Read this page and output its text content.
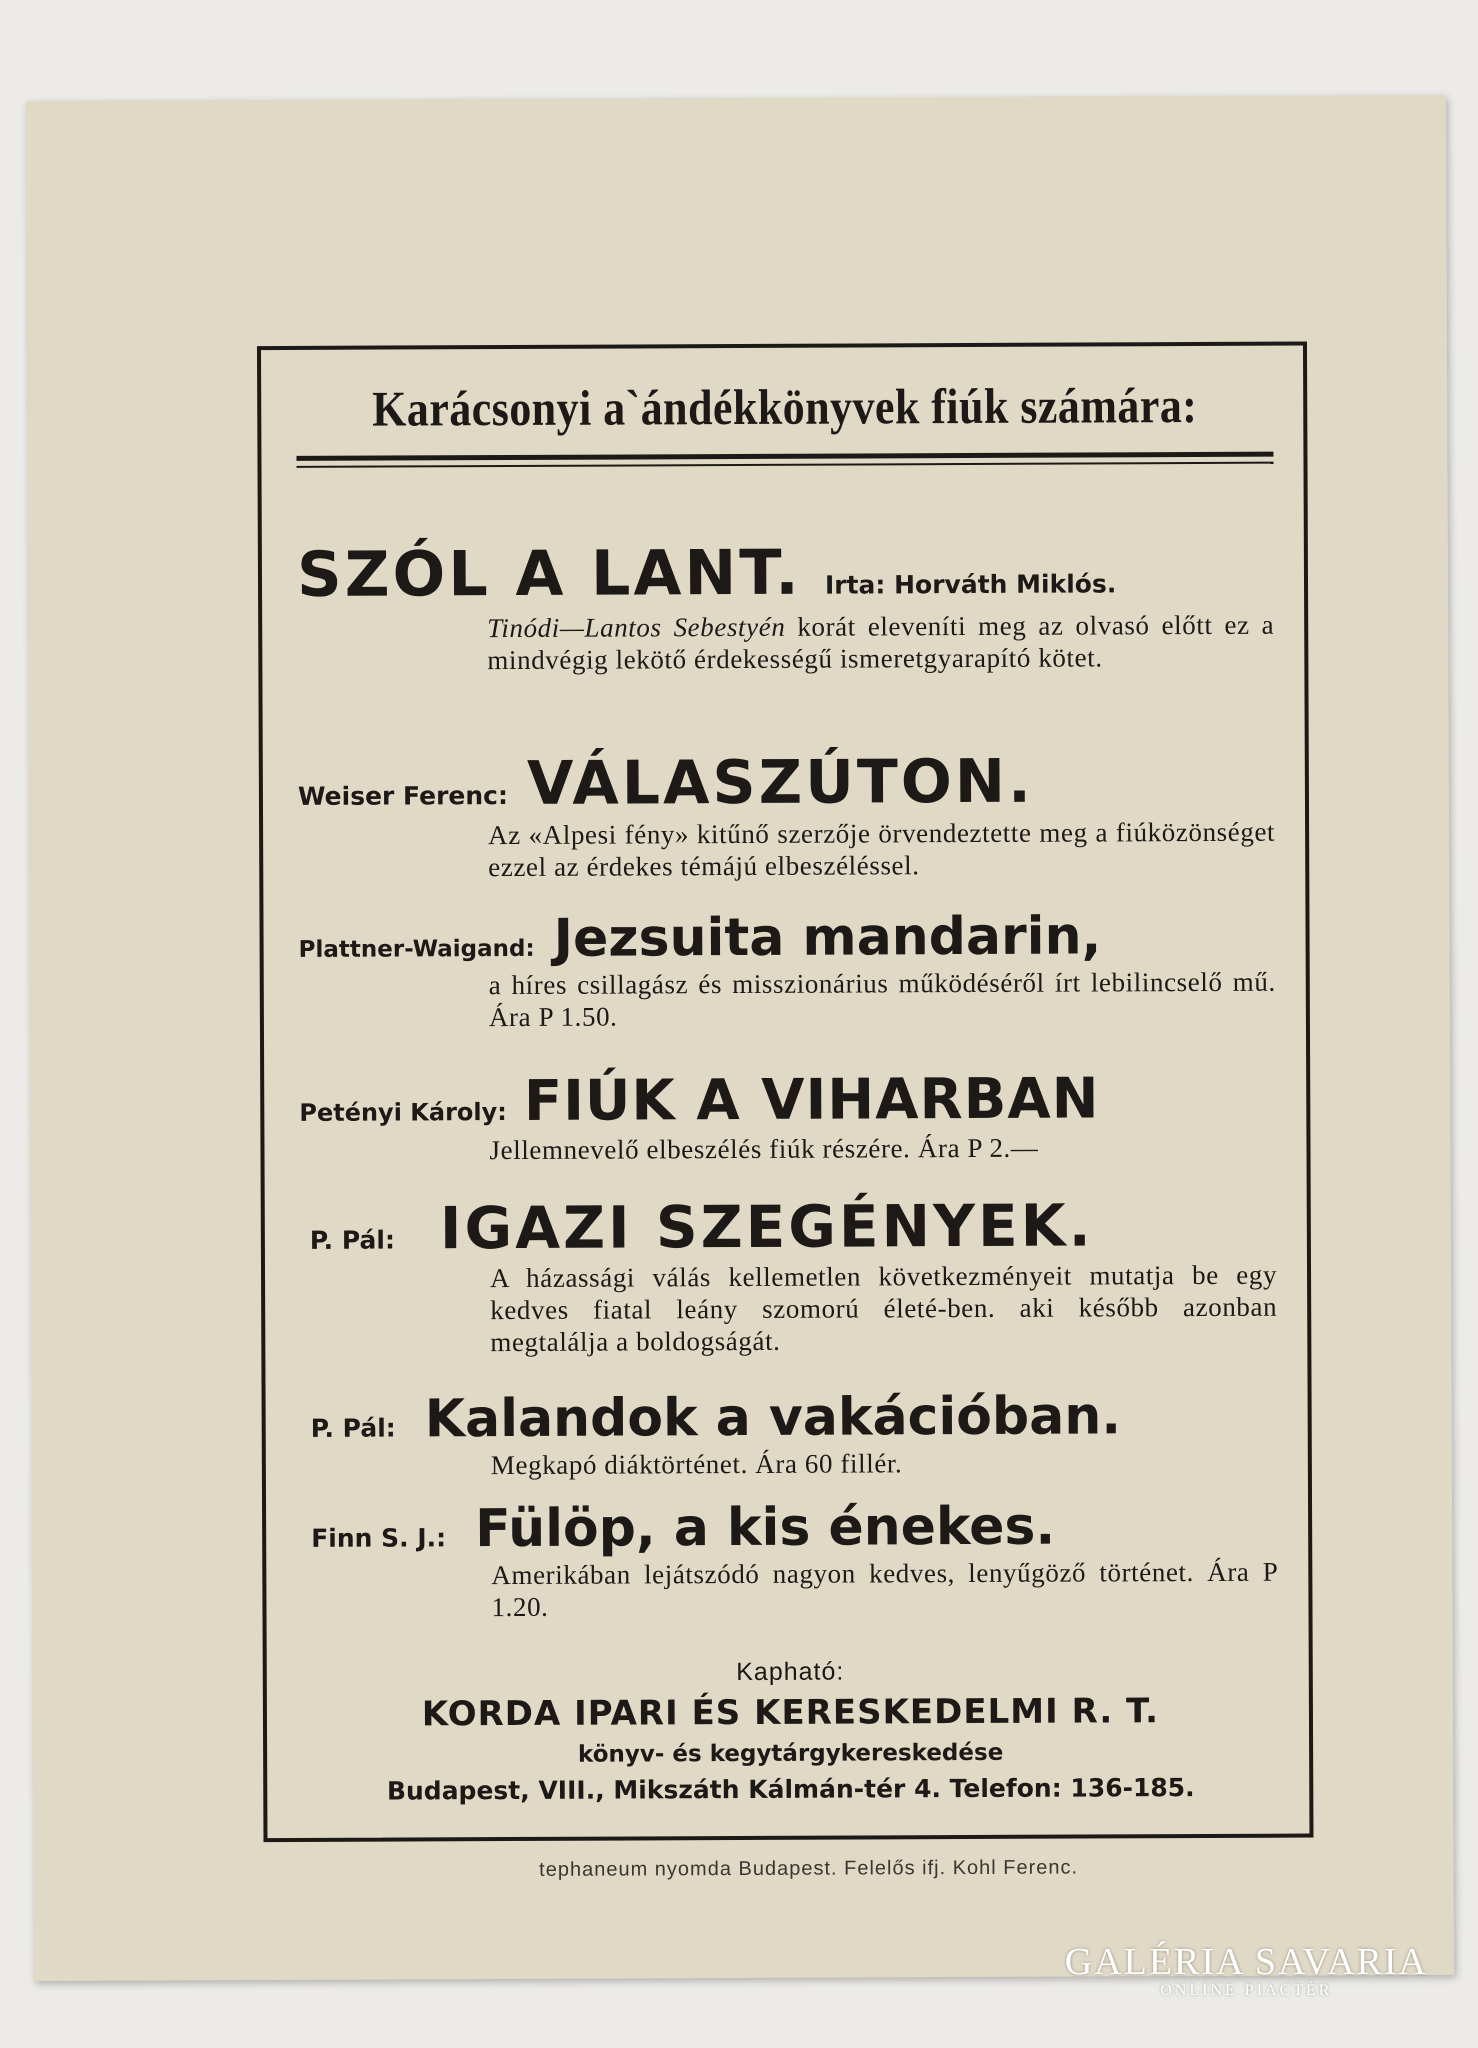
Karácsonyi a`ándékkönyvek fiúk számára:
SZÓL A LANT. Irta: Horváth Miklós.
Tinódi—Lantos Sebestyén korát eleveníti meg az olvasó előtt ez a mindvégig lekötő érdekességű ismeretgyarapító kötet.
Weiser Ferenc: VÁLASZÚTON.
Az «Alpesi fény» kitűnő szerzője örvendeztette meg a fiúközönséget ezzel az érdekes témájú elbeszéléssel.
Plattner-Waigand: Jezsuita mandarin,
a híres csillagász és misszionárius működéséről írt lebilincselő mű. Ára P 1.50.
Petényi Károly: FIÚK A VIHARBAN
Jellemnevelő elbeszélés fiúk részére. Ára P 2.—
P. Pál: IGAZI SZEGÉNYEK.
A házassági válás kellemetlen következményeit mutatja be egy kedves fiatal leány szomorú életé-ben. aki később azonban megtalálja a boldogságát.
P. Pál: Kalandok a vakációban.
Megkapó diáktörténet. Ára 60 fillér.
Finn S. J.: Fülöp, a kis énekes.
Amerikában lejátszódó nagyon kedves, lenyűgöző történet. Ára P 1.20.
Kapható:
KORDA IPARI ÉS KERESKEDELMI R. T.
könyv- és kegytárgykereskedése
Budapest, VIII., Mikszáth Kálmán-tér 4. Telefon: 136-185.
tephaneum nyomda Budapest. Felelős ifj. Kohl Ferenc.
GALÉRIA SAVARIA
ONLINE PIACTÉR
